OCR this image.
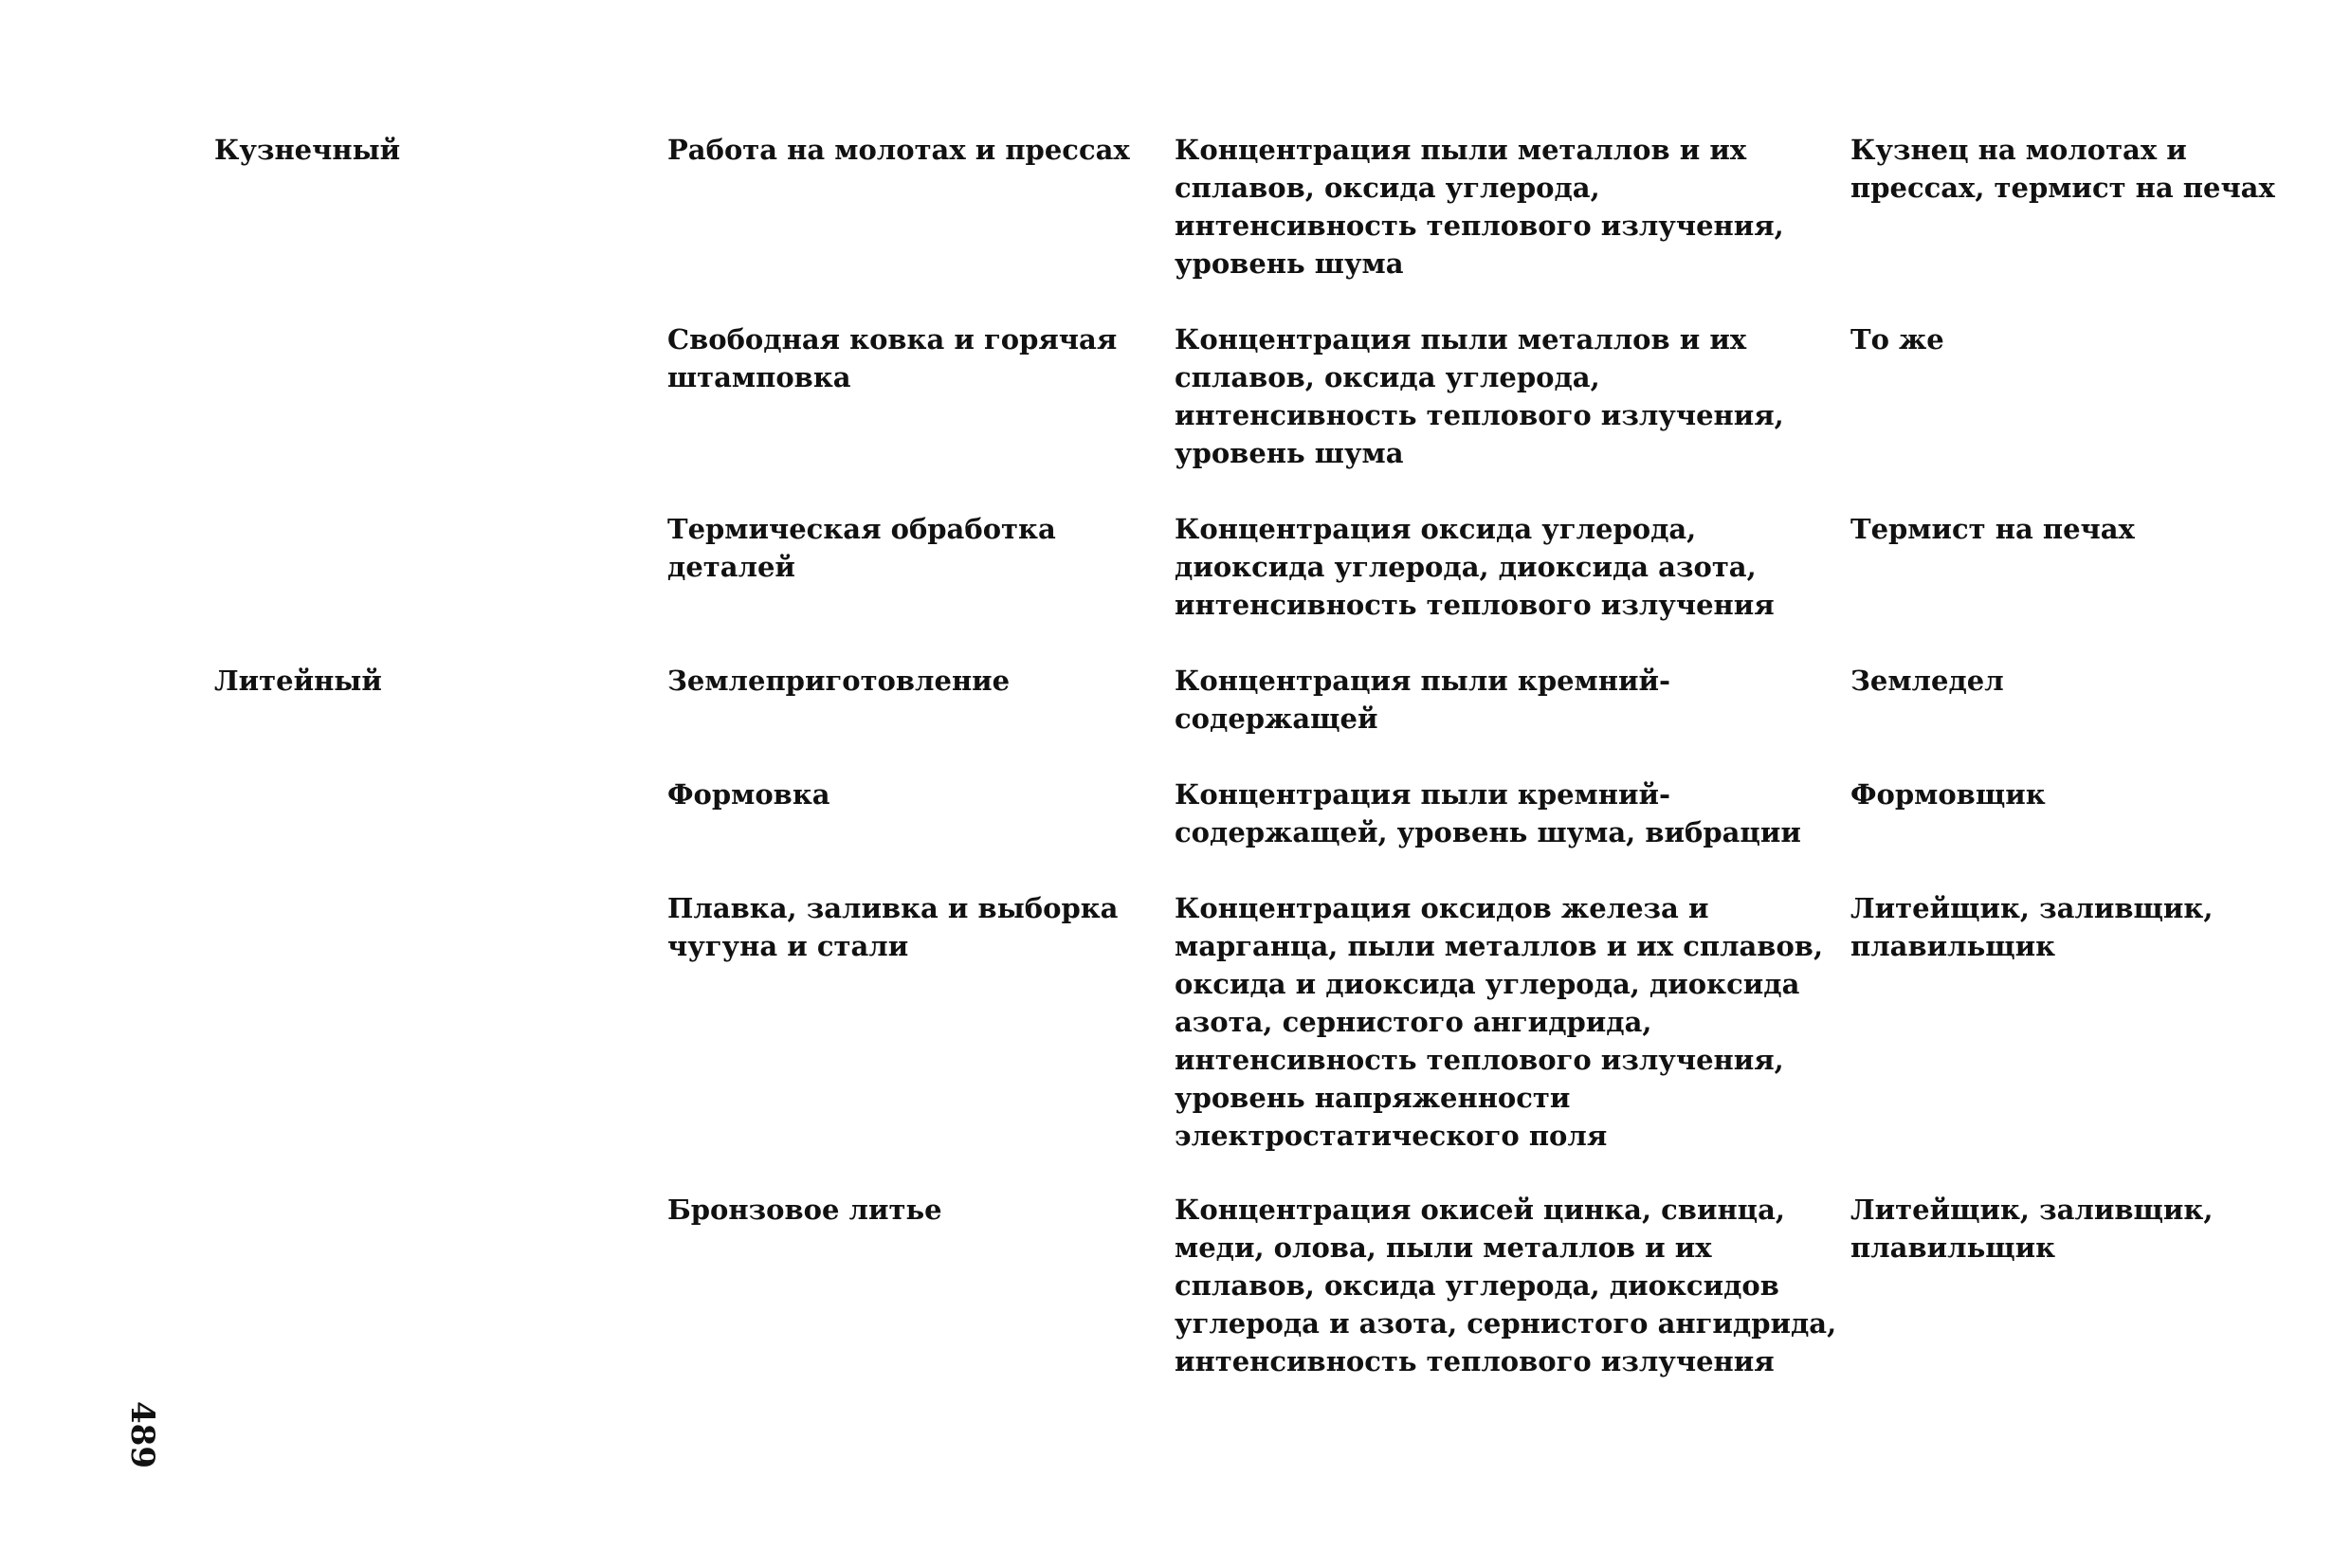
Кузнечный	Работа на молотах и прессах	Концентрация пыли металлов и их сплавов, оксида углерода, интенсивность теплового излучения, уровень шума	Кузнец на молотах и прессах, термист на печах
	Свободная ковка и горячая штамповка	Концентрация пыли металлов и их сплавов, оксида углерода, интенсивность теплового излучения, уровень шума	То же
	Термическая обработка деталей	Концентрация оксида углерода, диоксида углерода, диоксида азота, интенсивность теплового излучения	Термист на печах
Литейный	Землеприготовление	Концентрация пыли кремний-содержащей	Земледел
	Формовка	Концентрация пыли кремний-содержащей, уровень шума, вибрации	Формовщик
	Плавка, заливка и выборка чугуна и стали	Концентрация оксидов железа и марганца, пыли металлов и их сплавов, оксида и диоксида углерода, диоксида азота, сернистого ангидрида, интенсивность теплового излучения, уровень напряженности электростатического поля	Литейщик, заливщик, плавильщик
	Бронзовое литье	Концентрация окисей цинка, свинца, меди, олова, пыли металлов и их сплавов, оксида углерода, диоксидов углерода и азота, сернистого ангидрида, интенсивность теплового излучения	Литейщик, заливщик, плавильщик
489
